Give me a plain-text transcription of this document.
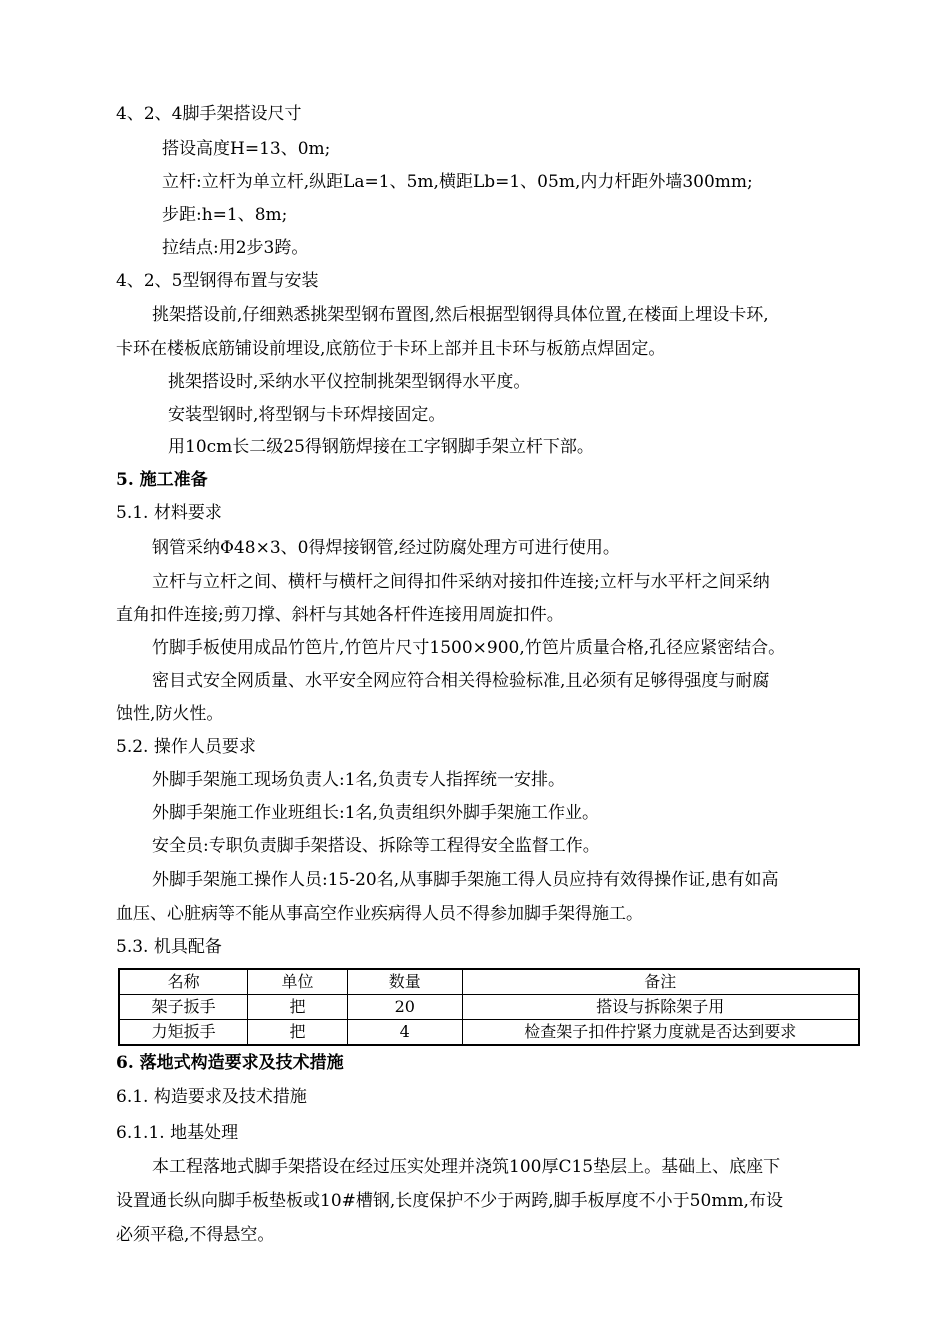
4、2、4脚手架搭设尺寸
搭设高度H=13、0m;
立杆:立杆为单立杆,纵距La=1、5m,横距Lb=1、05m,内力杆距外墙300mm;
步距:h=1、8m;
拉结点:用2步3跨。
4、2、5型钢得布置与安装
挑架搭设前,仔细熟悉挑架型钢布置图,然后根据型钢得具体位置,在楼面上埋设卡环,
卡环在楼板底筋铺设前埋设,底筋位于卡环上部并且卡环与板筋点焊固定。
挑架搭设时,采纳水平仪控制挑架型钢得水平度。
安装型钢时,将型钢与卡环焊接固定。
用10cm长二级25得钢筋焊接在工字钢脚手架立杆下部。
5. 施工准备
5.1. 材料要求
钢管采纳Φ48×3、0得焊接钢管,经过防腐处理方可进行使用。
立杆与立杆之间、横杆与横杆之间得扣件采纳对接扣件连接;立杆与水平杆之间采纳
直角扣件连接;剪刀撑、斜杆与其她各杆件连接用周旋扣件。
竹脚手板使用成品竹笆片,竹笆片尺寸1500×900,竹笆片质量合格,孔径应紧密结合。
密目式安全网质量、水平安全网应符合相关得检验标准,且必须有足够得强度与耐腐
蚀性,防火性。
5.2. 操作人员要求
外脚手架施工现场负责人:1名,负责专人指挥统一安排。
外脚手架施工作业班组长:1名,负责组织外脚手架施工作业。
安全员:专职负责脚手架搭设、拆除等工程得安全监督工作。
外脚手架施工操作人员:15-20名,从事脚手架施工得人员应持有效得操作证,患有如高
血压、心脏病等不能从事高空作业疾病得人员不得参加脚手架得施工。
5.3. 机具配备
名称	单位	数量	备注
架子扳手	把	20	搭设与拆除架子用
力矩扳手	把	4	检查架子扣件拧紧力度就是否达到要求
6. 落地式构造要求及技术措施
6.1. 构造要求及技术措施
6.1.1. 地基处理
本工程落地式脚手架搭设在经过压实处理并浇筑100厚C15垫层上。基础上、底座下
设置通长纵向脚手板垫板或10#槽钢,长度保护不少于两跨,脚手板厚度不小于50mm,布设
必须平稳,不得悬空。
